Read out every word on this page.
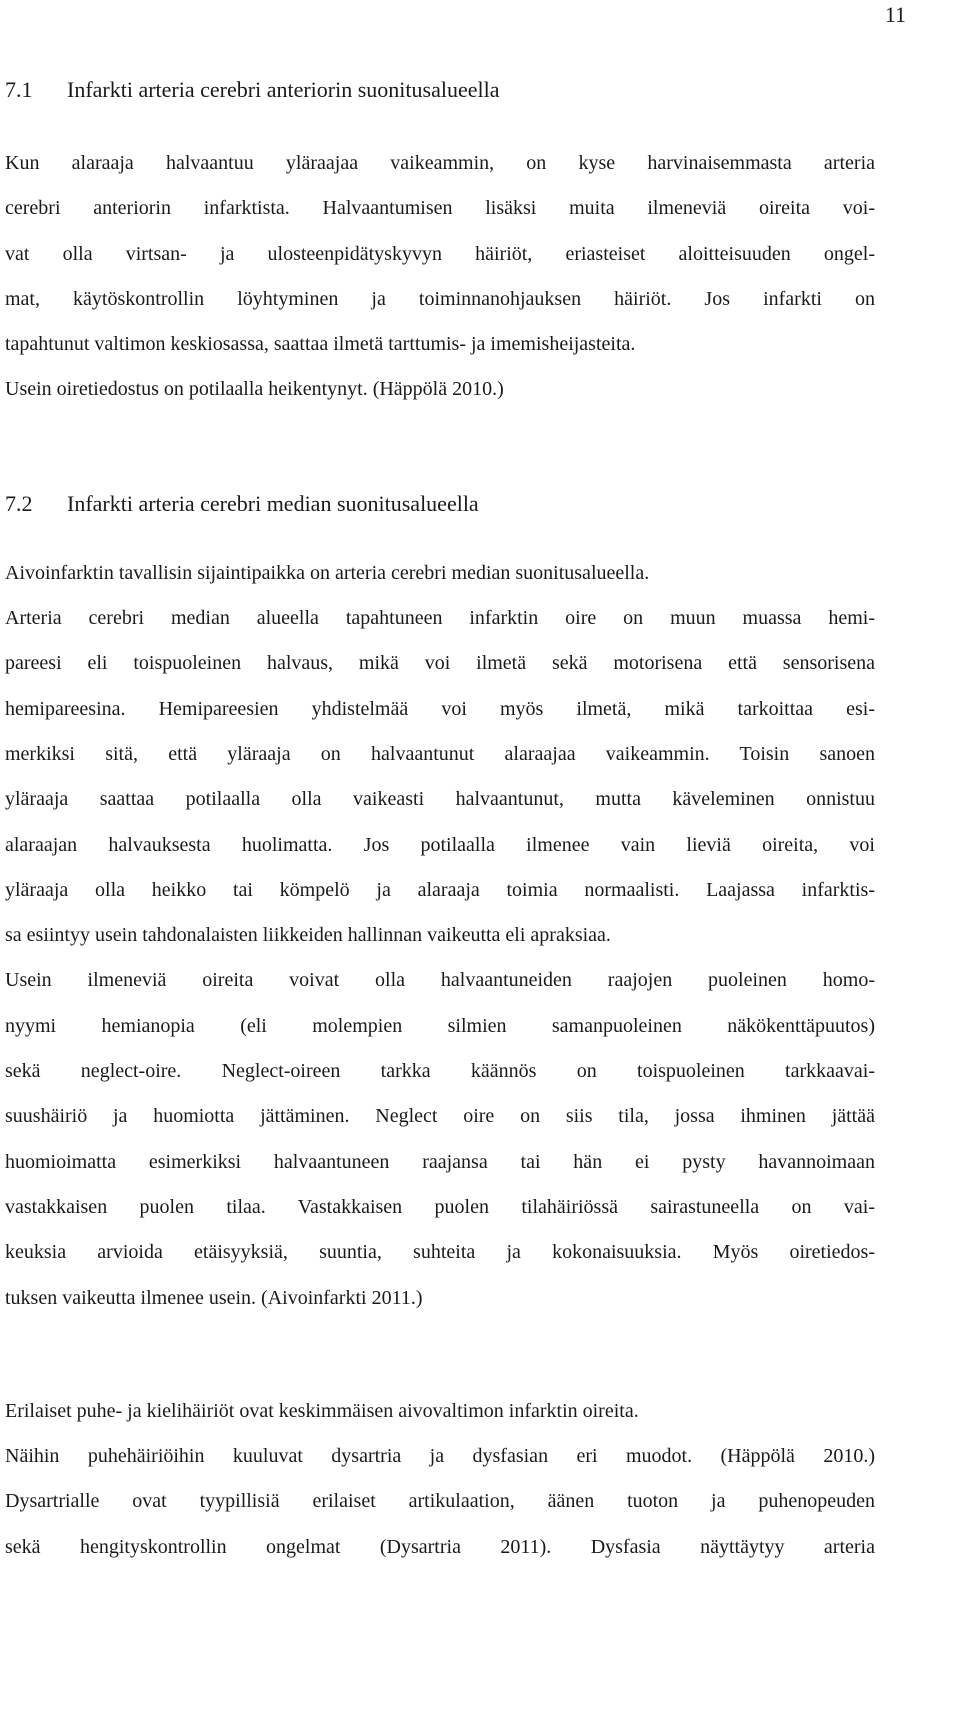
11
7.1	Infarkti arteria cerebri anteriorin suonitusalueella
Kun alaraaja halvaantuu yläraajaa vaikeammin, on kyse harvinaisemmasta arteria
cerebri anteriorin infarktista. Halvaantumisen lisäksi muita ilmeneviä oireita voi-
vat olla virtsan- ja ulosteenpidätyskyvyn häiriöt, eriasteiset aloitteisuuden ongel-
mat, käytöskontrollin löyhtyminen ja toiminnanohjauksen häiriöt. Jos infarkti on
tapahtunut valtimon keskiosassa, saattaa ilmetä tarttumis- ja imemisheijasteita.
Usein oiretiedostus on potilaalla heikentynyt. (Häppölä 2010.)
7.2	Infarkti arteria cerebri median suonitusalueella
Aivoinfarktin tavallisin sijaintipaikka on arteria cerebri median suonitusalueella.
Arteria cerebri median alueella tapahtuneen infarktin oire on muun muassa hemi-
pareesi eli toispuoleinen halvaus, mikä voi ilmetä sekä motorisena että sensorisena
hemipareesina. Hemipareesien yhdistelmää voi myös ilmetä, mikä tarkoittaa esi-
merkiksi sitä, että yläraaja on halvaantunut alaraajaa vaikeammin. Toisin sanoen
yläraaja saattaa potilaalla olla vaikeasti halvaantunut, mutta käveleminen onnistuu
alaraajan halvauksesta huolimatta. Jos potilaalla ilmenee vain lieviä oireita, voi
yläraaja olla heikko tai kömpelö ja alaraaja toimia normaalisti. Laajassa infarktis-
sa esiintyy usein tahdonalaisten liikkeiden hallinnan vaikeutta eli apraksiaa.
Usein ilmeneviä oireita voivat olla halvaantuneiden raajojen puoleinen homo-
nyymi hemianopia (eli molempien silmien samanpuoleinen näkökenttäpuutos)
sekä neglect-oire. Neglect-oireen tarkka käännös on toispuoleinen tarkkaavai-
suushäiriö ja huomiotta jättäminen. Neglect oire on siis tila, jossa ihminen jättää
huomioimatta esimerkiksi halvaantuneen raajansa tai hän ei pysty havannoimaan
vastakkaisen puolen tilaa. Vastakkaisen puolen tilahäiriössä sairastuneella on vai-
keuksia arvioida etäisyyksiä, suuntia, suhteita ja kokonaisuuksia. Myös oiretiedos-
tuksen vaikeutta ilmenee usein. (Aivoinfarkti 2011.)
Erilaiset puhe- ja kielihäiriöt ovat keskimmäisen aivovaltimon infarktin oireita.
Näihin puhehäiriöihin kuuluvat dysartria ja dysfasian eri muodot. (Häppölä 2010.)
Dysartrialle ovat tyypillisiä erilaiset artikulaation, äänen tuoton ja puhenopeuden
sekä hengityskontrollin ongelmat (Dysartria 2011). Dysfasia näyttäytyy arteria
